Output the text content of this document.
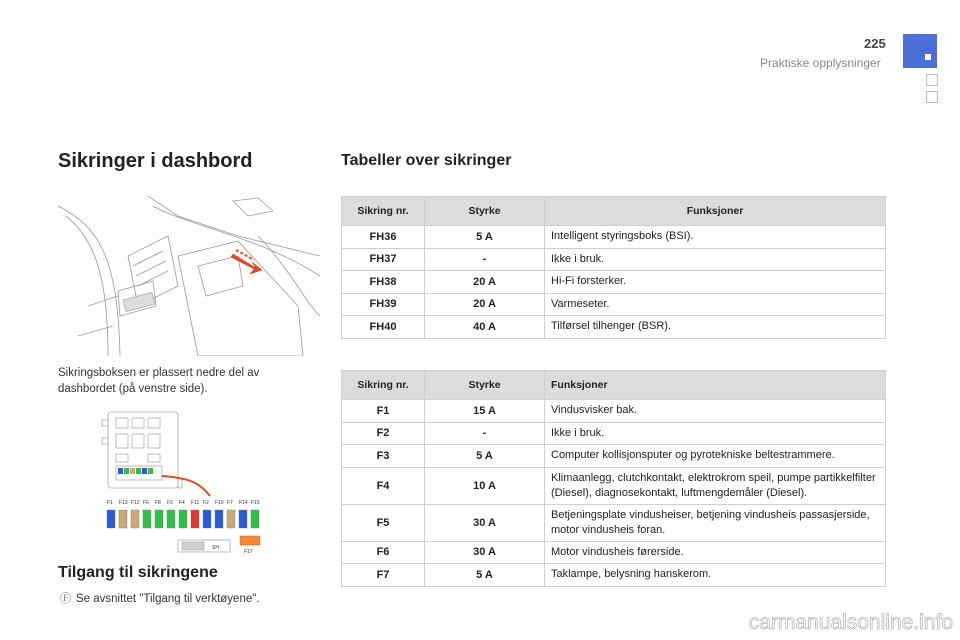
225
Praktiske opplysninger
Sikringer i dashbord
Sikringsboksen er plassert nedre del av dashbordet (på venstre side).
F1 F13 F12 F6 F8 F3 F4 F11 F2 F10 F7 F14 F15
SH
F17
Tilgang til sikringene
Ⓕ Se avsnittet "Tilgang til verktøyene".
Tabeller over sikringer
Sikring nr.	Styrke	Funksjoner
FH36	5 A	Intelligent styringsboks (BSI).
FH37	-	Ikke i bruk.
FH38	20 A	Hi-Fi forsterker.
FH39	20 A	Varmeseter.
FH40	40 A	Tilførsel tilhenger (BSR).
Sikring nr.	Styrke	Funksjoner
F1	15 A	Vindusvisker bak.
F2	-	Ikke i bruk.
F3	5 A	Computer kollisjonsputer og pyrotekniske beltestrammere.
F4	10 A	Klimaanlegg, clutchkontakt, elektrokrom speil, pumpe partikkelfilter (Diesel), diagnosekontakt, luftmengdemåler (Diesel).
F5	30 A	Betjeningsplate vindusheiser, betjening vindusheis passasjerside, motor vindusheis foran.
F6	30 A	Motor vindusheis førerside.
F7	5 A	Taklampe, belysning hanskerom.
carmanualsonline.info
